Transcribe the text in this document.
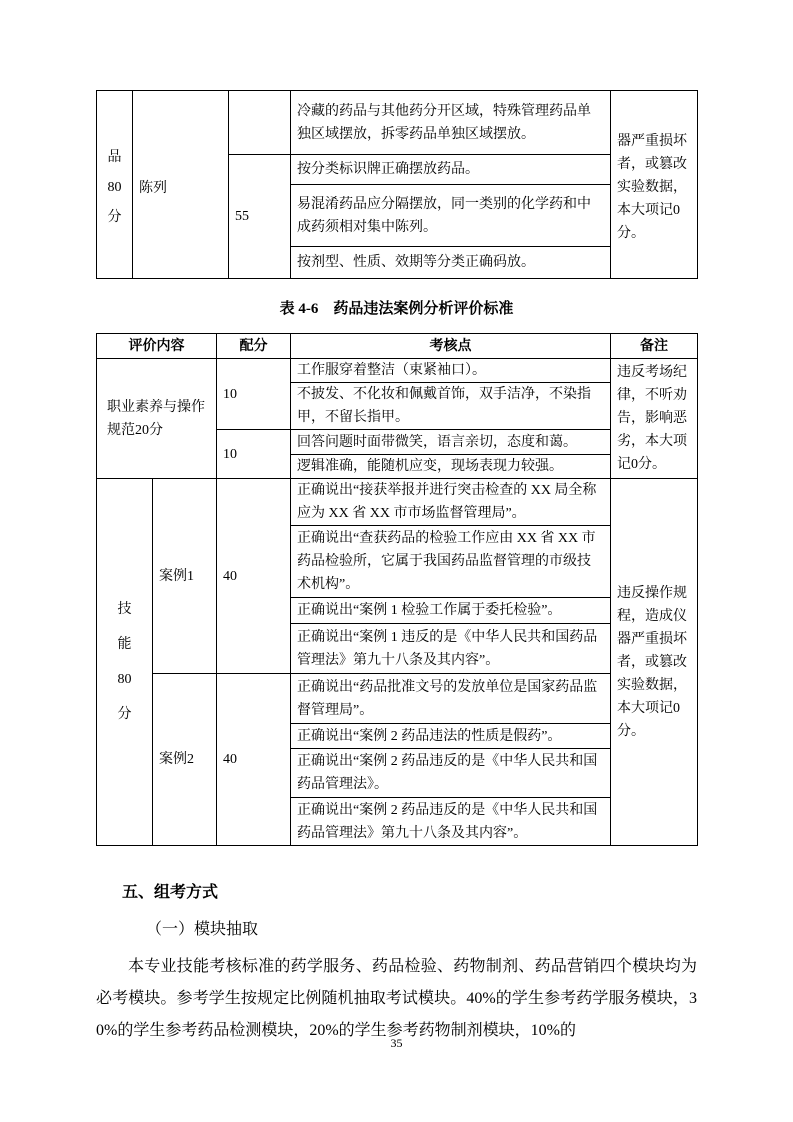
品
80
分	陈列		冷藏的药品与其他药分开区域，特殊管理药品单独区域摆放，拆零药品单独区域摆放。	器严重损坏者，或篡改实验数据，本大项记0分。
		55	按分类标识牌正确摆放药品。	
			易混淆药品应分隔摆放，同一类别的化学药和中成药须相对集中陈列。	
			按剂型、性质、效期等分类正确码放。	
表 4-6　药品违法案例分析评价标准
评价内容		配分	考核点	备注
职业素养与操作规范20分		10	工作服穿着整洁（束紧袖口）。	违反考场纪律，不听劝告，影响恶劣，本大项记0分。
			不披发、不化妆和佩戴首饰，双手洁净，不染指甲，不留长指甲。	
		10	回答问题时面带微笑，语言亲切，态度和蔼。	
			逻辑准确，能随机应变，现场表现力较强。	

技
能
80
分	案例1	40	正确说出“接获举报并进行突击检查的 XX 局全称应为 XX 省 XX 市市场监督管理局”。	违反操作规程，造成仪器严重损坏者，或篡改实验数据，本大项记0分。
			正确说出“查获药品的检验工作应由 XX 省 XX 市药品检验所，它属于我国药品监督管理的市级技术机构”。	
			正确说出“案例 1 检验工作属于委托检验”。	
			正确说出“案例 1 违反的是《中华人民共和国药品管理法》第九十八条及其内容”。	
	案例2	40	正确说出“药品批准文号的发放单位是国家药品监督管理局”。	
			正确说出“案例 2 药品违法的性质是假药”。	
			正确说出“案例 2 药品违反的是《中华人民共和国药品管理法》。	
			正确说出“案例 2 药品违反的是《中华人民共和国药品管理法》第九十八条及其内容”。	
五、组考方式
（一）模块抽取

本专业技能考核标准的药学服务、药品检验、药物制剂、药品营销四个模块均为必考模块。参考学生按规定比例随机抽取考试模块。40%的学生参考药学服务模块，30%的学生参考药品检测模块，20%的学生参考药物制剂模块，10%的

35
